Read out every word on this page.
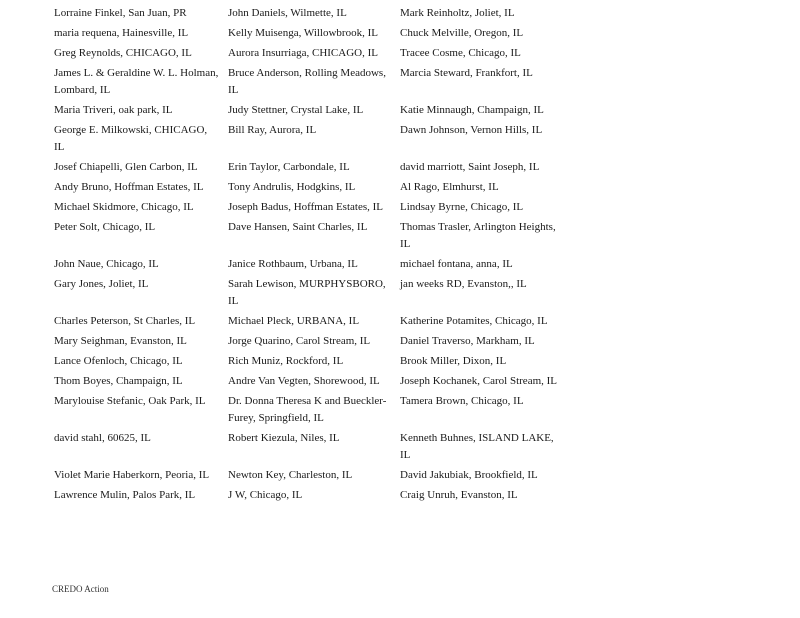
Lorraine Finkel, San Juan, PR	John Daniels, Wilmette, IL	Mark Reinholtz, Joliet, IL
maria requena, Hainesville, IL	Kelly Muisenga, Willowbrook, IL	Chuck Melville, Oregon, IL
Greg Reynolds, CHICAGO, IL	Aurora Insurriaga, CHICAGO, IL	Tracee Cosme, Chicago, IL
James L. & Geraldine W. L. Holman, Lombard, IL	Bruce Anderson, Rolling Meadows, IL	Marcia Steward, Frankfort, IL
Maria Triveri, oak park, IL	Judy Stettner, Crystal Lake, IL	Katie Minnaugh, Champaign, IL
George E. Milkowski, CHICAGO, IL	Bill Ray, Aurora, IL	Dawn Johnson, Vernon Hills, IL
Josef Chiapelli, Glen Carbon, IL	Erin Taylor, Carbondale, IL	david marriott, Saint Joseph, IL
Andy Bruno, Hoffman Estates, IL	Tony Andrulis, Hodgkins, IL	Al Rago, Elmhurst, IL
Michael Skidmore, Chicago, IL	Joseph Badus, Hoffman Estates, IL	Lindsay Byrne, Chicago, IL
Peter Solt, Chicago, IL	Dave Hansen, Saint Charles, IL	Thomas Trasler, Arlington Heights, IL
John Naue, Chicago, IL	Janice Rothbaum, Urbana, IL	michael fontana, anna, IL
Gary Jones, Joliet, IL	Sarah Lewison, MURPHYSBORO, IL	jan weeks RD, Evanston,, IL
Charles Peterson, St Charles, IL	Michael Pleck, URBANA, IL	Katherine Potamites, Chicago, IL
Mary Seighman, Evanston, IL	Jorge Quarino, Carol Stream, IL	Daniel Traverso, Markham, IL
Lance Ofenloch, Chicago, IL	Rich Muniz, Rockford, IL	Brook Miller, Dixon, IL
Thom Boyes, Champaign, IL	Andre Van Vegten, Shorewood, IL	Joseph Kochanek, Carol Stream, IL
Marylouise Stefanic, Oak Park, IL	Dr. Donna Theresa K and Bueckler-Furey, Springfield, IL	Tamera Brown, Chicago, IL
david stahl, 60625, IL	Robert Kiezula, Niles, IL	Kenneth Buhnes, ISLAND LAKE, IL
Violet Marie Haberkorn, Peoria, IL	Newton Key, Charleston, IL	David Jakubiak, Brookfield, IL
Lawrence Mulin, Palos Park, IL	J W, Chicago, IL	Craig Unruh, Evanston, IL
CREDO Action
